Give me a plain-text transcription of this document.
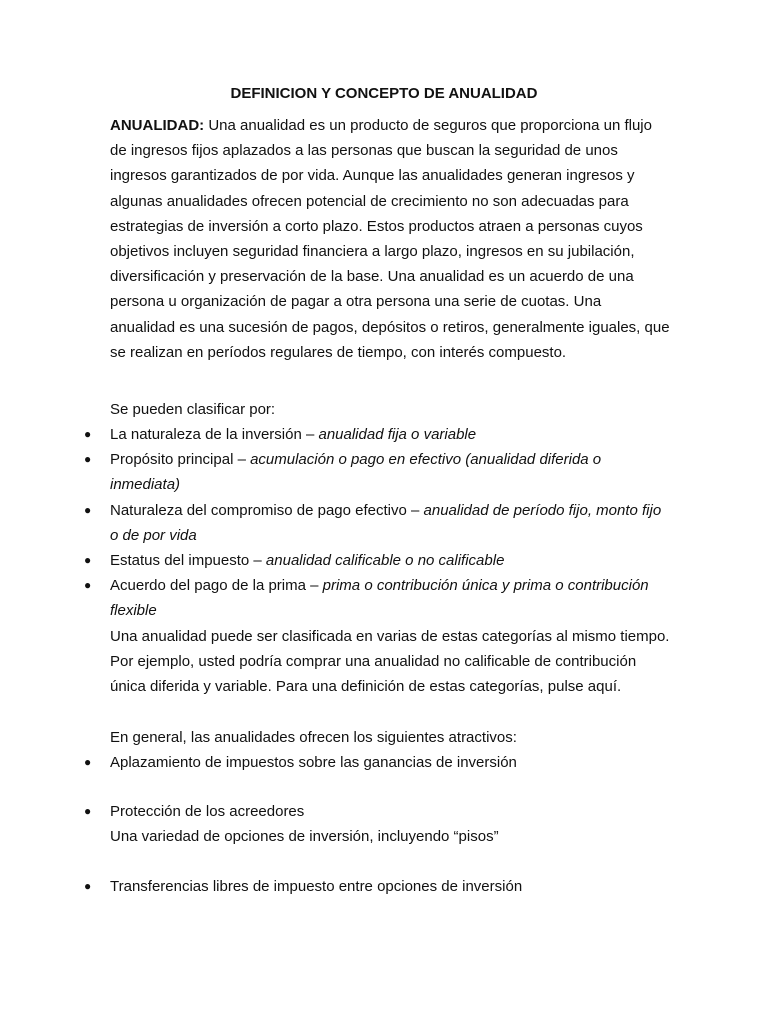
DEFINICION Y CONCEPTO DE ANUALIDAD

ANUALIDAD: Una anualidad es un producto de seguros que proporciona un flujo de ingresos fijos aplazados a las personas que buscan la seguridad de unos ingresos garantizados de por vida. Aunque las anualidades generan ingresos y algunas anualidades ofrecen potencial de crecimiento no son adecuadas para estrategias de inversión a corto plazo. Estos productos atraen a personas cuyos objetivos incluyen seguridad financiera a largo plazo, ingresos en su jubilación, diversificación y preservación de la base. Una anualidad es un acuerdo de una persona u organización de pagar a otra persona una serie de cuotas. Una anualidad es una sucesión de pagos, depósitos o retiros, generalmente iguales, que se realizan en períodos regulares de tiempo, con interés compuesto.

Se pueden clasificar por:

●	La naturaleza de la inversión – anualidad fija o variable
●	Propósito principal – acumulación o pago en efectivo (anualidad diferida o inmediata)
●	Naturaleza del compromiso de pago efectivo – anualidad de período fijo, monto fijo o de por vida
●	Estatus del impuesto – anualidad calificable o no calificable
●	Acuerdo del pago de la prima – prima o contribución única y prima o contribución flexible

Una anualidad puede ser clasificada en varias de estas categorías al mismo tiempo. Por ejemplo, usted podría comprar una anualidad no calificable de contribución única diferida y variable. Para una definición de estas categorías, pulse aquí.

En general, las anualidades ofrecen los siguientes atractivos:

●	Aplazamiento de impuestos sobre las ganancias de inversión
●	Protección de los acreedores

Una variedad de opciones de inversión, incluyendo “pisos”

●	Transferencias libres de impuesto entre opciones de inversión
